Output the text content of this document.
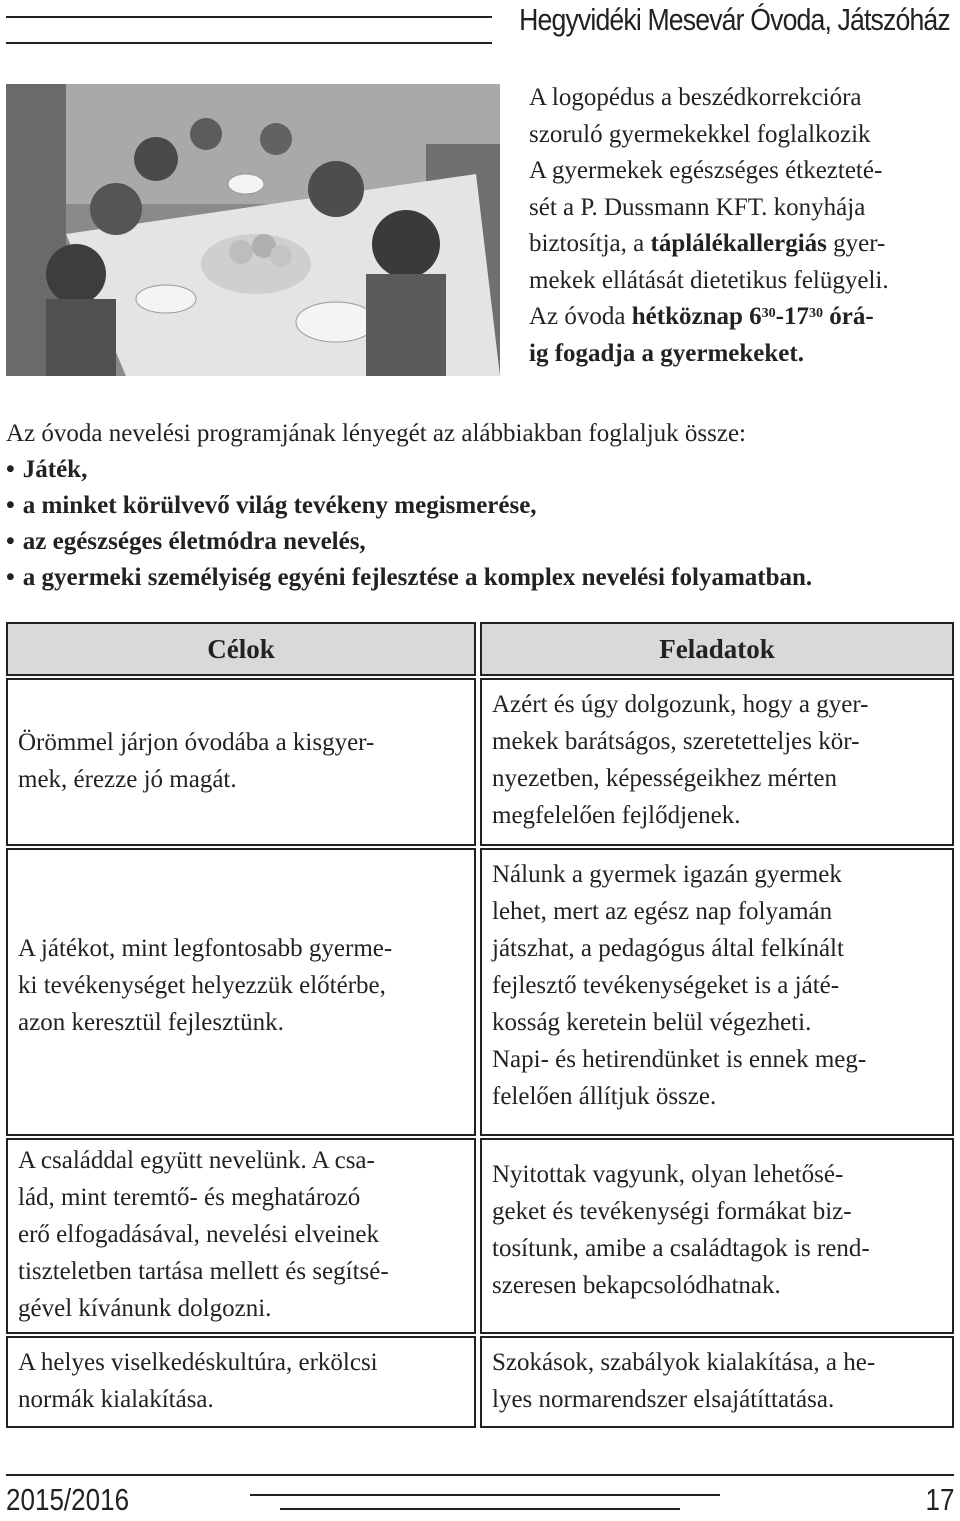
Hegyvidéki Mesevár Óvoda, Játszóház
A logopédus a beszédkorrekcióra
szoruló gyermekekkel foglalkozik
A gyermekek egészséges étkezteté-
sét a P. Dussmann KFT. konyhája
biztosítja, a táplálékallergiás gyer-
mekek ellátását dietetikus felügyeli.
Az óvoda hétköznap $6^{30}-17^{30}$ órá-
ig fogadja a gyermekeket.
Az óvoda nevelési programjának lényegét az alábbiakban foglaljuk össze:
• Játék,
• a minket körülvevő világ tevékeny megismerése,
• az egészséges életmódra nevelés,
• a gyermeki személyiség egyéni fejlesztése a komplex nevelési folyamatban.
Célok	Feladatok
Örömmel járjon óvodába a kisgyer-
mek, érezze jó magát.
Azért és úgy dolgozunk, hogy a gyer-
mekek barátságos, szeretetteljes kör-
nyezetben, képességeikhez mérten
megfelelően fejlődjenek.
A játékot, mint legfontosabb gyerme-
ki tevékenységet helyezzük előtérbe,
azon keresztül fejlesztünk.
Nálunk a gyermek igazán gyermek
lehet, mert az egész nap folyamán
játszhat, a pedagógus által felkínált
fejlesztő tevékenységeket is a játé-
kosság keretein belül végezheti.
Napi- és hetirendünket is ennek meg-
felelően állítjuk össze.
A családdal együtt nevelünk. A csa-
lád, mint teremtő- és meghatározó
erő elfogadásával, nevelési elveinek
tiszteletben tartása mellett és segítsé-
gével kívánunk dolgozni.
Nyitottak vagyunk, olyan lehetősé-
geket és tevékenységi formákat biz-
tosítunk, amibe a családtagok is rend-
szeresen bekapcsolódhatnak.
A helyes viselkedéskultúra, erkölcsi
normák kialakítása.
Szokások, szabályok kialakítása, a he-
lyes normarendszer elsajátíttatása.
2015/2016	17
